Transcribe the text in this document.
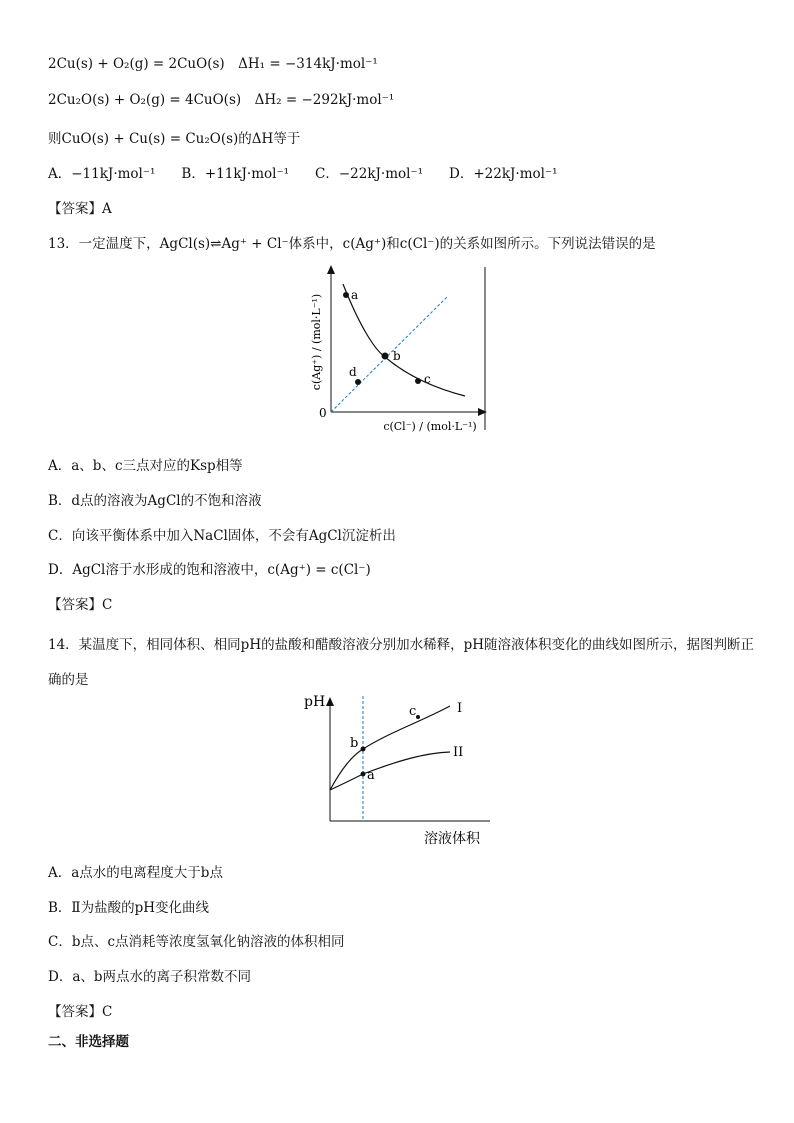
2Cu(s) + O₂(g) = 2CuO(s) ΔH₁ = −314kJ·mol⁻¹
2Cu₂O(s) + O₂(g) = 4CuO(s) ΔH₂ = −292kJ·mol⁻¹
则CuO(s) + Cu(s) = Cu₂O(s)的ΔH等于
A．−11kJ·mol⁻¹ B．+11kJ·mol⁻¹ C．−22kJ·mol⁻¹ D．+22kJ·mol⁻¹
【答案】A
13．一定温度下，AgCl(s)⇌Ag⁺ + Cl⁻体系中，c(Ag⁺)和c(Cl⁻)的关系如图所示。下列说法错误的是
a
b
c
d
0
c(Ag⁺) / (mol·L⁻¹)
c(Cl⁻) / (mol·L⁻¹)
A．a、b、c三点对应的Ksp相等
B．d点的溶液为AgCl的不饱和溶液
C．向该平衡体系中加入NaCl固体，不会有AgCl沉淀析出
D．AgCl溶于水形成的饱和溶液中，c(Ag⁺) = c(Cl⁻)
【答案】C
14．某温度下，相同体积、相同pH的盐酸和醋酸溶液分别加水稀释，pH随溶液体积变化的曲线如图所示，据图判断正确的是
pH
溶液体积
I
II
b
a
c
A．a点水的电离程度大于b点
B．Ⅱ为盐酸的pH变化曲线
C．b点、c点消耗等浓度氢氧化钠溶液的体积相同
D．a、b两点水的离子积常数不同
【答案】C
二、非选择题
